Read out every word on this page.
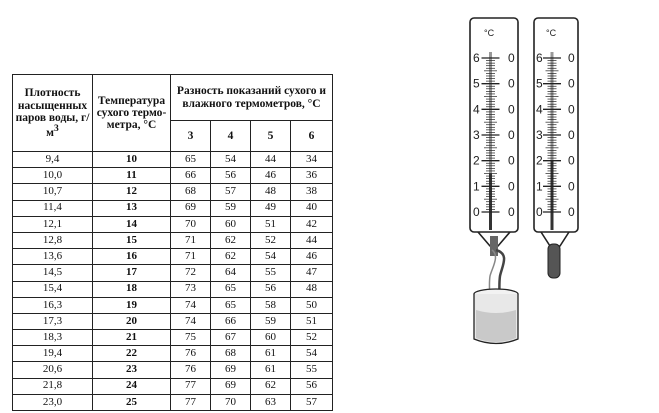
Плотность насыщенных паров воды, $г/м^3$	Температура сухого термометра, °С	Разность показаний сухого и влажного термометров, °С			
		3	4	5	6
9,4	10	65	54	44	34
10,0	11	66	56	46	36
10,7	12	68	57	48	38
11,4	13	69	59	49	40
12,1	14	70	60	51	42
12,8	15	71	62	52	44
13,6	16	71	62	54	46
14,5	17	72	64	55	47
15,4	18	73	65	56	48
16,3	19	74	65	58	50
17,3	20	74	66	59	51
18,3	21	75	67	60	52
19,4	22	76	68	61	54
20,6	23	76	69	61	55
21,8	24	77	69	62	56
23,0	25	77	70	63	57
°C
6 0
5 0
4 0
3 0
2 0
1 0
0 0
°C
6 0
5 0
4 0
3 0
2 0
1 0
0 0
